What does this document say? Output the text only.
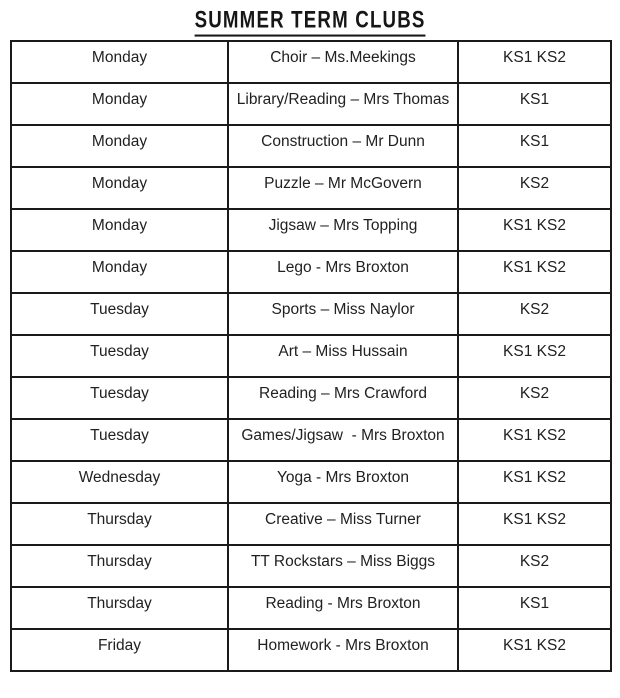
SUMMER TERM CLUBS
Monday	Choir – Ms.Meekings	KS1 KS2
Monday	Library/Reading – Mrs Thomas	KS1
Monday	Construction – Mr Dunn	KS1
Monday	Puzzle – Mr McGovern	KS2
Monday	Jigsaw – Mrs Topping	KS1 KS2
Monday	Lego - Mrs Broxton	KS1 KS2
Tuesday	Sports – Miss Naylor	KS2
Tuesday	Art – Miss Hussain	KS1 KS2
Tuesday	Reading – Mrs Crawford	KS2
Tuesday	Games/Jigsaw  - Mrs Broxton	KS1 KS2
Wednesday	Yoga - Mrs Broxton	KS1 KS2
Thursday	Creative – Miss Turner	KS1 KS2
Thursday	TT Rockstars – Miss Biggs	KS2
Thursday	Reading - Mrs Broxton	KS1
Friday	Homework - Mrs Broxton	KS1 KS2
